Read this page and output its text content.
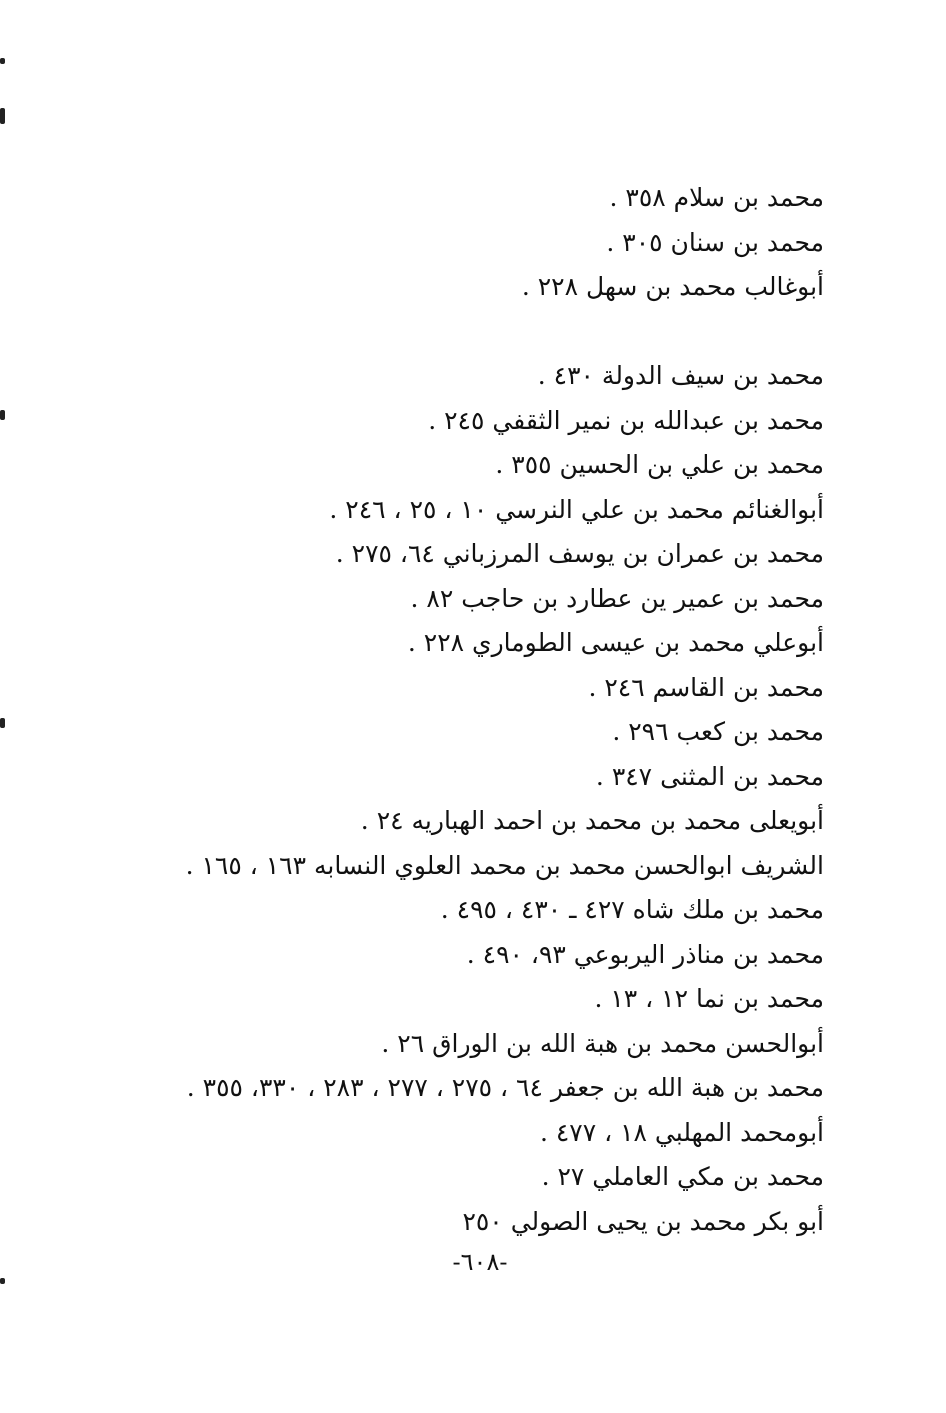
محمد بن سلام ٣٥٨ .
محمد بن سنان ٣٠٥ .
أبوغالب محمد بن سهل ٢٢٨ .
محمد بن سيف الدولة ٤٣٠ .
محمد بن عبدالله بن نمير الثقفي ٢٤٥ .
محمد بن علي بن الحسين ٣٥٥ .
أبوالغنائم محمد بن علي النرسي ١٠ ، ٢٥ ، ٢٤٦ .
محمد بن عمران بن يوسف المرزباني ٦٤، ٢٧٥ .
محمد بن عمير ين عطارد بن حاجب ٨٢ .
أبوعلي محمد بن عيسى الطوماري ٢٢٨ .
محمد بن القاسم ٢٤٦ .
محمد بن كعب ٢٩٦ .
محمد بن المثنى ٣٤٧ .
أبويعلى محمد بن محمد بن احمد الهباريه ٢٤ .
الشريف ابوالحسن محمد بن محمد العلوي النسابه ١٦٣ ، ١٦٥ .
محمد بن ملك شاه ٤٢٧ ـ ٤٣٠ ، ٤٩٥ .
محمد بن مناذر اليربوعي ٩٣، ٤٩٠ .
محمد بن نما ١٢ ، ١٣ .
أبوالحسن محمد بن هبة الله بن الوراق ٢٦ .
محمد بن هبة الله بن جعفر ٦٤ ، ٢٧٥ ، ٢٧٧ ، ٢٨٣ ، ٣٣٠، ٣٥٥ .
أبومحمد المهلبي ١٨ ، ٤٧٧ .
محمد بن مكي العاملي ٢٧ .
أبو بكر محمد بن يحيى الصولي ٢٥٠
-٦٠٨-
